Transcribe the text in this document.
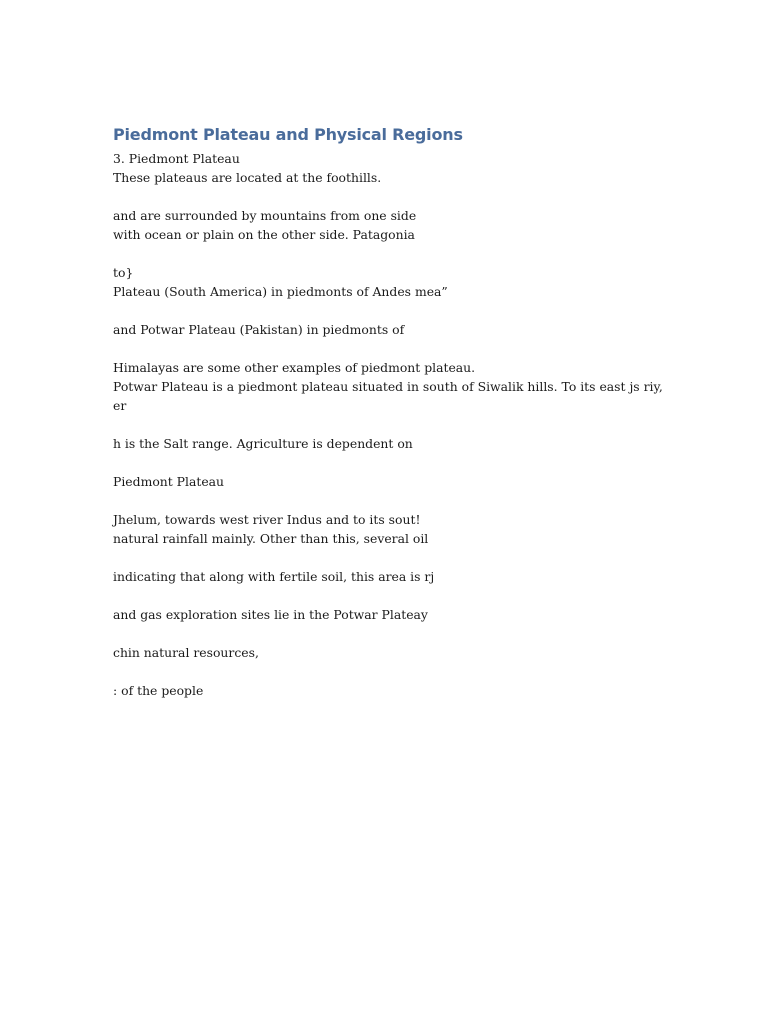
Piedmont Plateau and Physical Regions
3. Piedmont Plateau
These plateaus are located at the foothills.
and are surrounded by mountains from one side
with ocean or plain on the other side. Patagonia
to}
Plateau (South America) in piedmonts of Andes mea”
and Potwar Plateau (Pakistan) in piedmonts of
Himalayas are some other examples of piedmont plateau.
Potwar Plateau is a piedmont plateau situated in south of Siwalik hills. To its east js riy,
er
h is the Salt range. Agriculture is dependent on
Piedmont Plateau
Jhelum, towards west river Indus and to its sout!
natural rainfall mainly. Other than this, several oil
indicating that along with fertile soil, this area is rj
and gas exploration sites lie in the Potwar Plateay
chin natural resources,
: of the people
